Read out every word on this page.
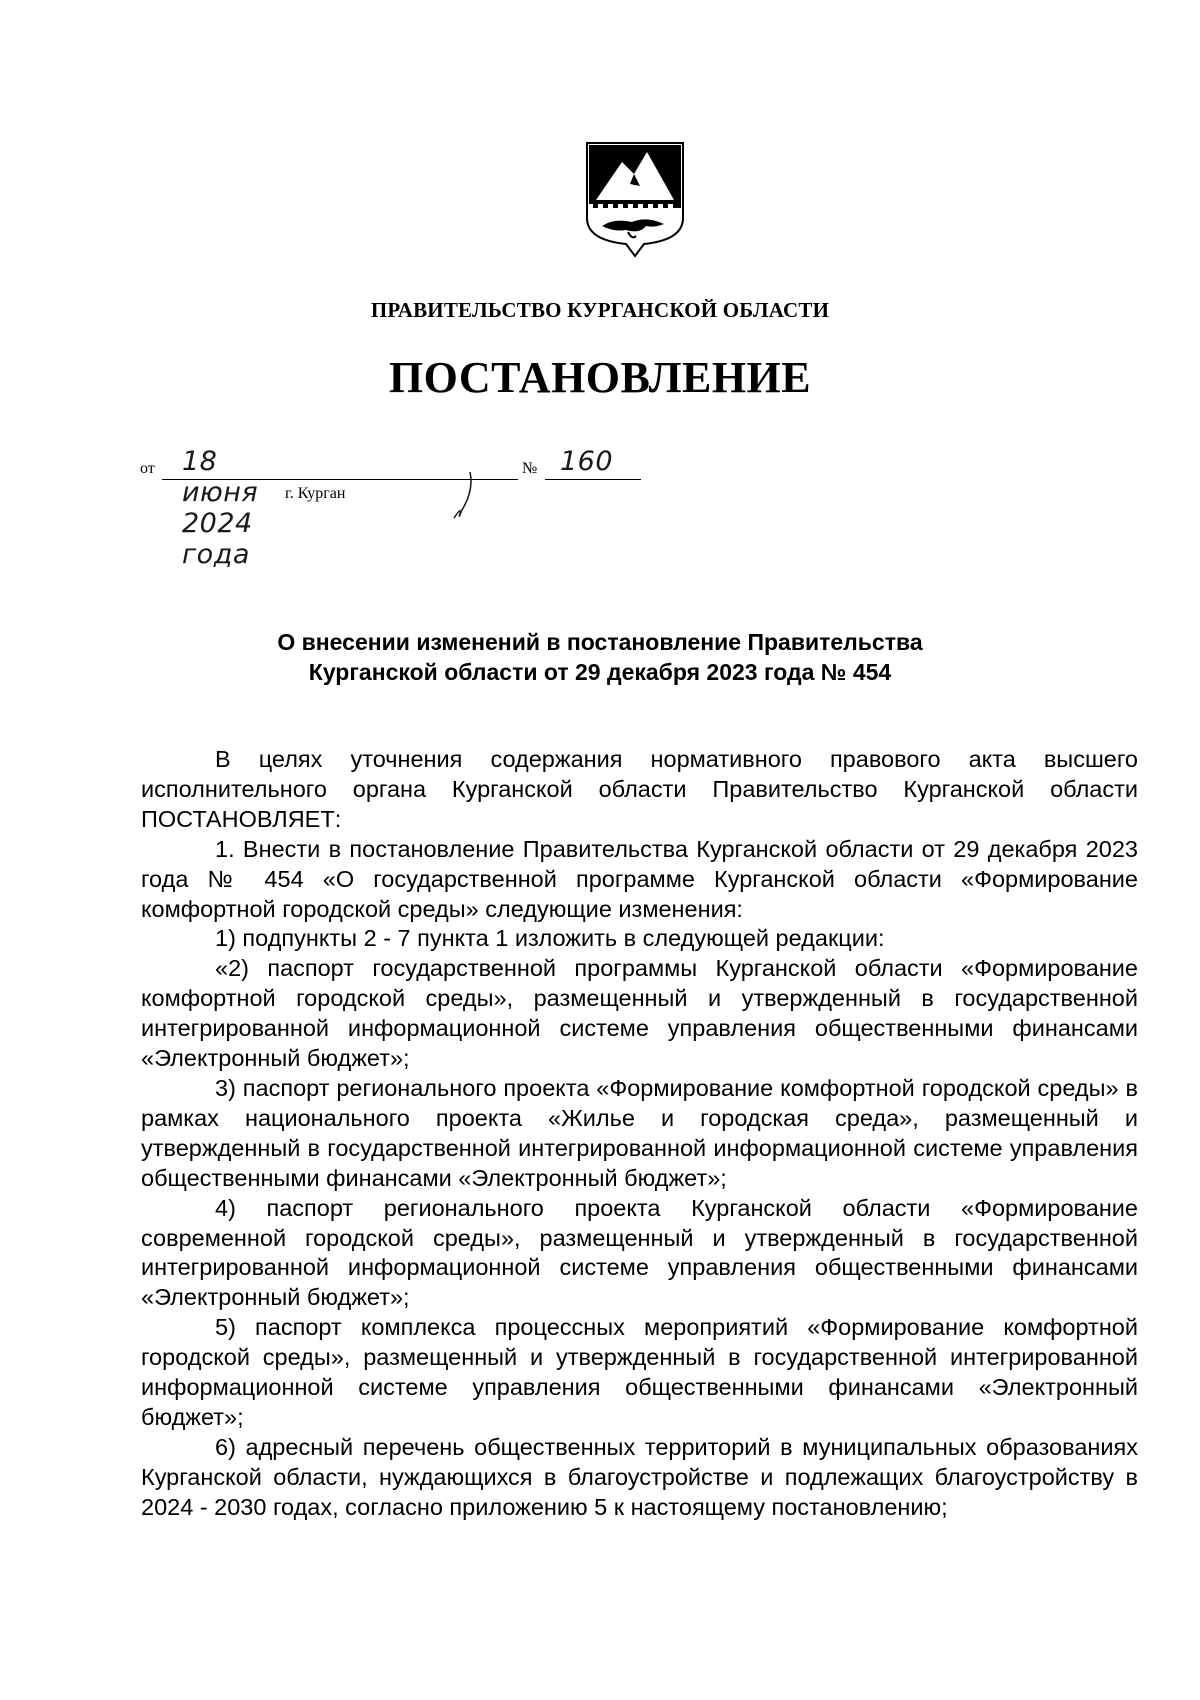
ПРАВИТЕЛЬСТВО КУРГАНСКОЙ ОБЛАСТИ
ПОСТАНОВЛЕНИЕ
от 18 июня 2024 года
№ 160
г. Курган
О внесении изменений в постановление Правительства
Курганской области от 29 декабря 2023 года № 454

В целях уточнения содержания нормативного правового акта высшего исполнительного органа Курганской области Правительство Курганской области ПОСТАНОВЛЯЕТ:

1. Внести в постановление Правительства Курганской области от 29 декабря 2023 года № 454 «О государственной программе Курганской области «Формирование комфортной городской среды» следующие изменения:

1) подпункты 2 - 7 пункта 1 изложить в следующей редакции:

«2) паспорт государственной программы Курганской области «Формирование комфортной городской среды», размещенный и утвержденный в государственной интегрированной информационной системе управления общественными финансами «Электронный бюджет»;

3) паспорт регионального проекта «Формирование комфортной городской среды» в рамках национального проекта «Жилье и городская среда», размещенный и утвержденный в государственной интегрированной информационной системе управления общественными финансами «Электронный бюджет»;

4) паспорт регионального проекта Курганской области «Формирование современной городской среды», размещенный и утвержденный в государственной интегрированной информационной системе управления общественными финансами «Электронный бюджет»;

5) паспорт комплекса процессных мероприятий «Формирование комфортной городской среды», размещенный и утвержденный в государственной интегрированной информационной системе управления общественными финансами «Электронный бюджет»;

6) адресный перечень общественных территорий в муниципальных образованиях Курганской области, нуждающихся в благоустройстве и подлежащих благоустройству в 2024 - 2030 годах, согласно приложению 5 к настоящему постановлению;
